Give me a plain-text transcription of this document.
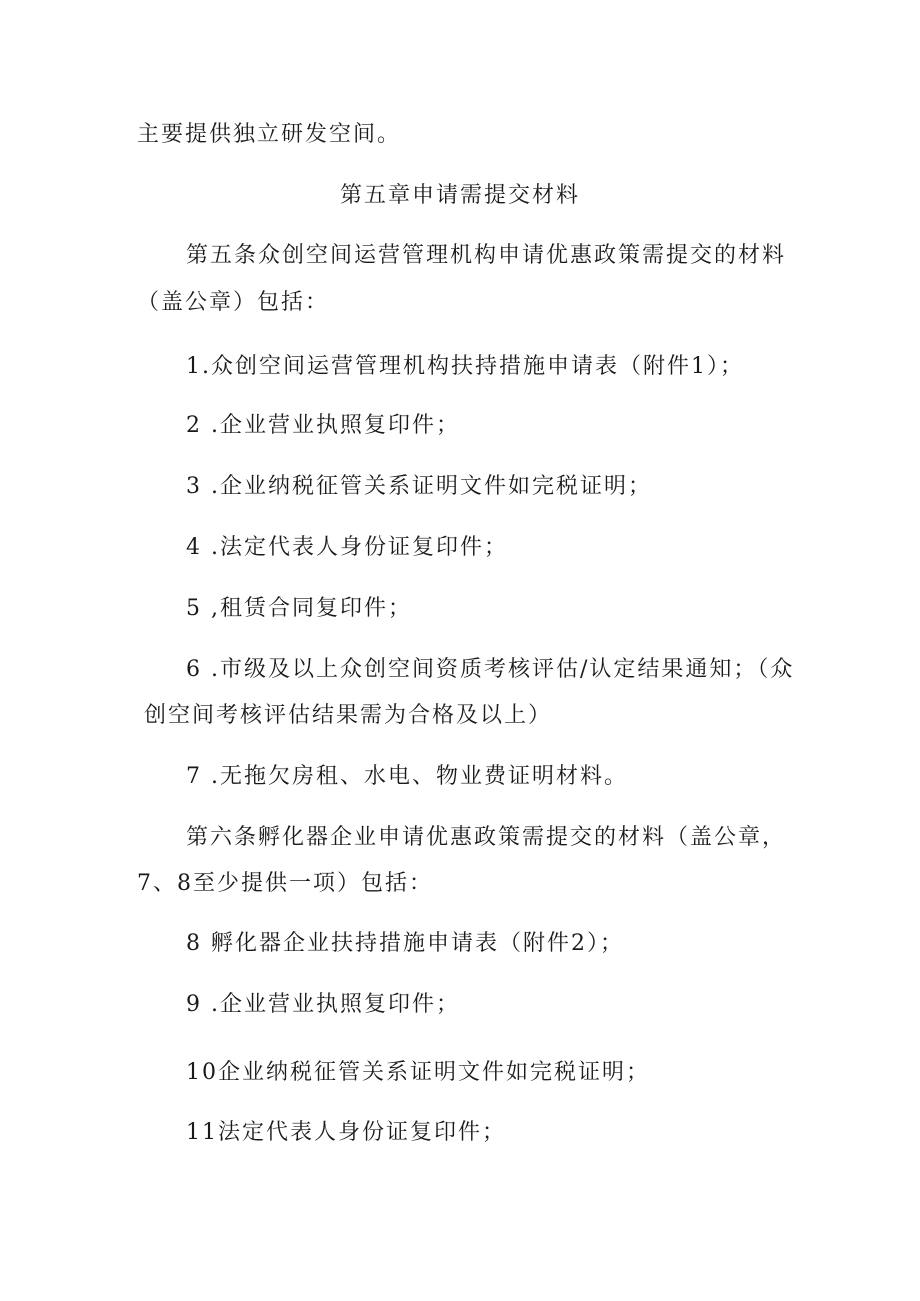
主要提供独立研发空间。
第五章申请需提交材料
第五条众创空间运营管理机构申请优惠政策需提交的材料
（盖公章）包括：
1.众创空间运营管理机构扶持措施申请表（附件1）；
2 .企业营业执照复印件；
3 .企业纳税征管关系证明文件如完税证明；
4 .法定代表人身份证复印件；
5 ,租赁合同复印件；
6 .市级及以上众创空间资质考核评估/认定结果通知；（众
创空间考核评估结果需为合格及以上）
7 .无拖欠房租、水电、物业费证明材料。
第六条孵化器企业申请优惠政策需提交的材料（盖公章，
7、8至少提供一项）包括：
8 孵化器企业扶持措施申请表（附件2）；
9 .企业营业执照复印件；
10企业纳税征管关系证明文件如完税证明；
11法定代表人身份证复印件；
